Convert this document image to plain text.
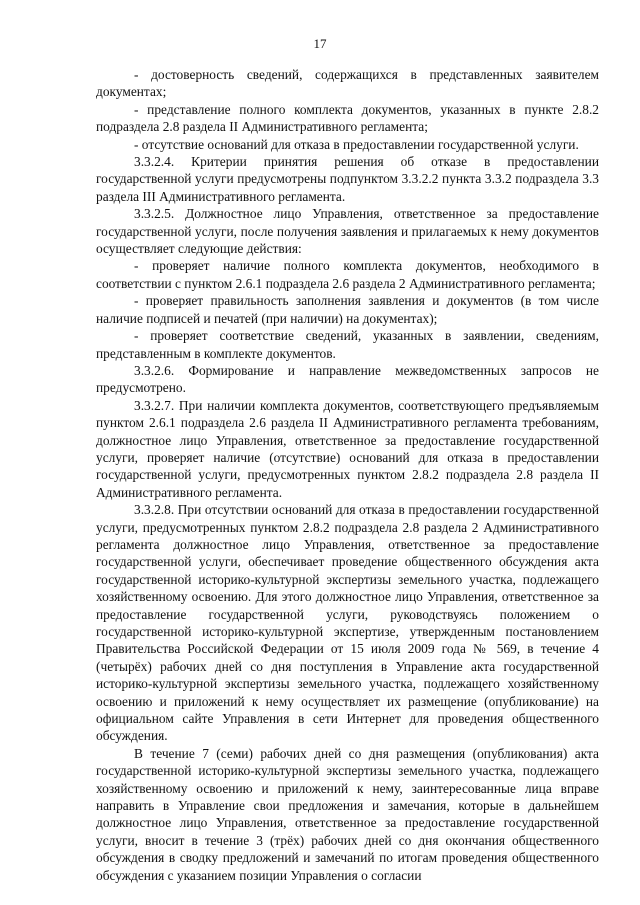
17

- достоверность сведений, содержащихся в представленных заявителем документах;

- представление полного комплекта документов, указанных в пункте 2.8.2 подраздела 2.8 раздела II Административного регламента;

- отсутствие оснований для отказа в предоставлении государственной услуги.

3.3.2.4. Критерии принятия решения об отказе в предоставлении государственной услуги предусмотрены подпунктом 3.3.2.2 пункта 3.3.2 подраздела 3.3 раздела III Административного регламента.

3.3.2.5. Должностное лицо Управления, ответственное за предоставление государственной услуги, после получения заявления и прилагаемых к нему документов осуществляет следующие действия:

- проверяет наличие полного комплекта документов, необходимого в соответствии с пунктом 2.6.1 подраздела 2.6 раздела 2 Административного регламента;

- проверяет правильность заполнения заявления и документов (в том числе наличие подписей и печатей (при наличии) на документах);

- проверяет соответствие сведений, указанных в заявлении, сведениям, представленным в комплекте документов.

3.3.2.6. Формирование и направление межведомственных запросов не предусмотрено.

3.3.2.7. При наличии комплекта документов, соответствующего предъявляемым пунктом 2.6.1 подраздела 2.6 раздела II Административного регламента требованиям, должностное лицо Управления, ответственное за предоставление государственной услуги, проверяет наличие (отсутствие) оснований для отказа в предоставлении государственной услуги, предусмотренных пунктом 2.8.2 подраздела 2.8 раздела II Административного регламента.

3.3.2.8. При отсутствии оснований для отказа в предоставлении государственной услуги, предусмотренных пунктом 2.8.2 подраздела 2.8 раздела 2 Административного регламента должностное лицо Управления, ответственное за предоставление государственной услуги, обеспечивает проведение общественного обсуждения акта государственной историко-культурной экспертизы земельного участка, подлежащего хозяйственному освоению. Для этого должностное лицо Управления, ответственное за предоставление государственной услуги, руководствуясь положением о государственной историко-культурной экспертизе, утвержденным постановлением Правительства Российской Федерации от 15 июля 2009 года № 569, в течение 4 (четырёх) рабочих дней со дня поступления в Управление акта государственной историко-культурной экспертизы земельного участка, подлежащего хозяйственному освоению и приложений к нему осуществляет их размещение (опубликование) на официальном сайте Управления в сети Интернет для проведения общественного обсуждения.

В течение 7 (семи) рабочих дней со дня размещения (опубликования) акта государственной историко-культурной экспертизы земельного участка, подлежащего хозяйственному освоению и приложений к нему, заинтересованные лица вправе направить в Управление свои предложения и замечания, которые в дальнейшем должностное лицо Управления, ответственное за предоставление государственной услуги, вносит в течение 3 (трёх) рабочих дней со дня окончания общественного обсуждения в сводку предложений и замечаний по итогам проведения общественного обсуждения с указанием позиции Управления о согласии
